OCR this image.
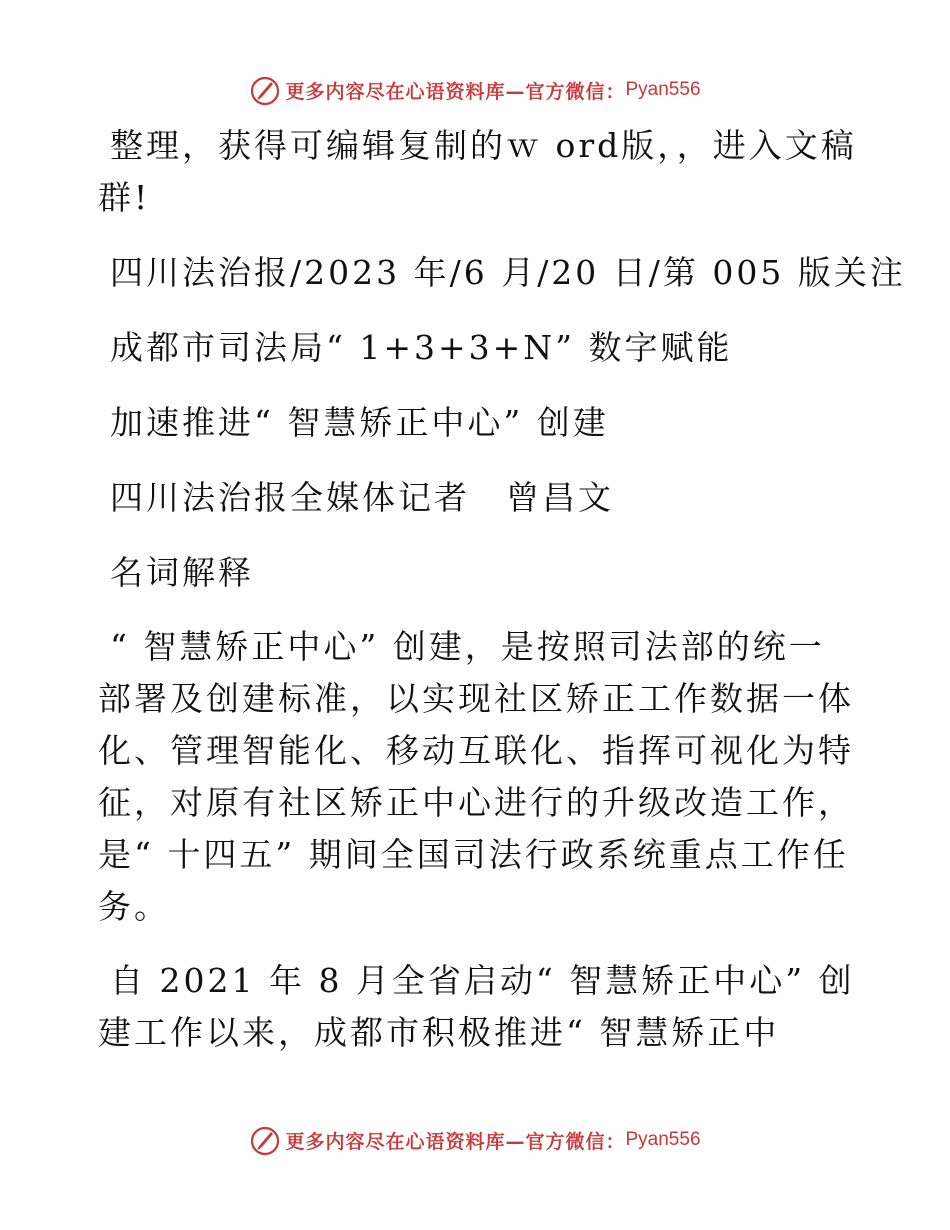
更多内容尽在心语资料库—官方微信： Pyan556

整理，获得可编辑复制的ｗ ord版，，进入文稿

群!

四川法治报/2023 年/6 月/20 日/第 005 版关注

成都市司法局“ 1+3+3+N” 数字赋能

加速推进“ 智慧矫正中心” 创建

四川法治报全媒体记者　曾昌文

名词解释

“ 智慧矫正中心” 创建，是按照司法部的统一

部署及创建标准，以实现社区矫正工作数据一体

化、管理智能化、移动互联化、指挥可视化为特

征，对原有社区矫正中心进行的升级改造工作，

是“ 十四五” 期间全国司法行政系统重点工作任

务。

自 2021 年 8 月全省启动“ 智慧矫正中心” 创

建工作以来，成都市积极推进“ 智慧矫正中

更多内容尽在心语资料库—官方微信： Pyan556
